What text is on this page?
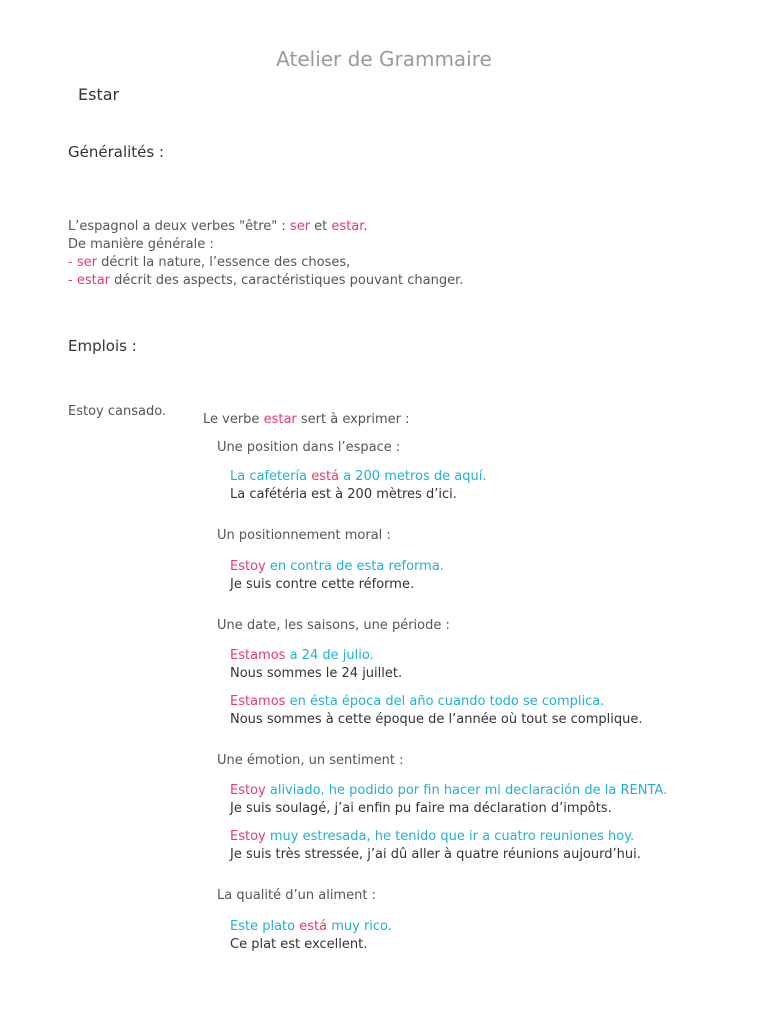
Atelier de Grammaire
Estar
Généralités :
L’espagnol a deux verbes "être" : ser et estar.
De manière générale :
- ser décrit la nature, l’essence des choses,
- estar décrit des aspects, caractéristiques pouvant changer.
Emplois :
Estoy cansado.
Le verbe estar sert à exprimer :
Une position dans l’espace :
La cafetería está a 200 metros de aquí.
La cafétéria est à 200 mètres d’ici.
Un positionnement moral :
Estoy en contra de esta reforma.
Je suis contre cette réforme.
Une date, les saisons, une période :
Estamos a 24 de julio.
Nous sommes le 24 juillet.
Estamos en ésta época del año cuando todo se complica.
Nous sommes à cette époque de l’année où tout se complique.
Une émotion, un sentiment :
Estoy aliviado, he podido por fin hacer mi declaración de la RENTA.
Je suis soulagé, j’ai enfin pu faire ma déclaration d’impôts.
Estoy muy estresada, he tenido que ir a cuatro reuniones hoy.
Je suis très stressée, j’ai dû aller à quatre réunions aujourd’hui.
La qualité d’un aliment :
Este plato está muy rico.
Ce plat est excellent.
